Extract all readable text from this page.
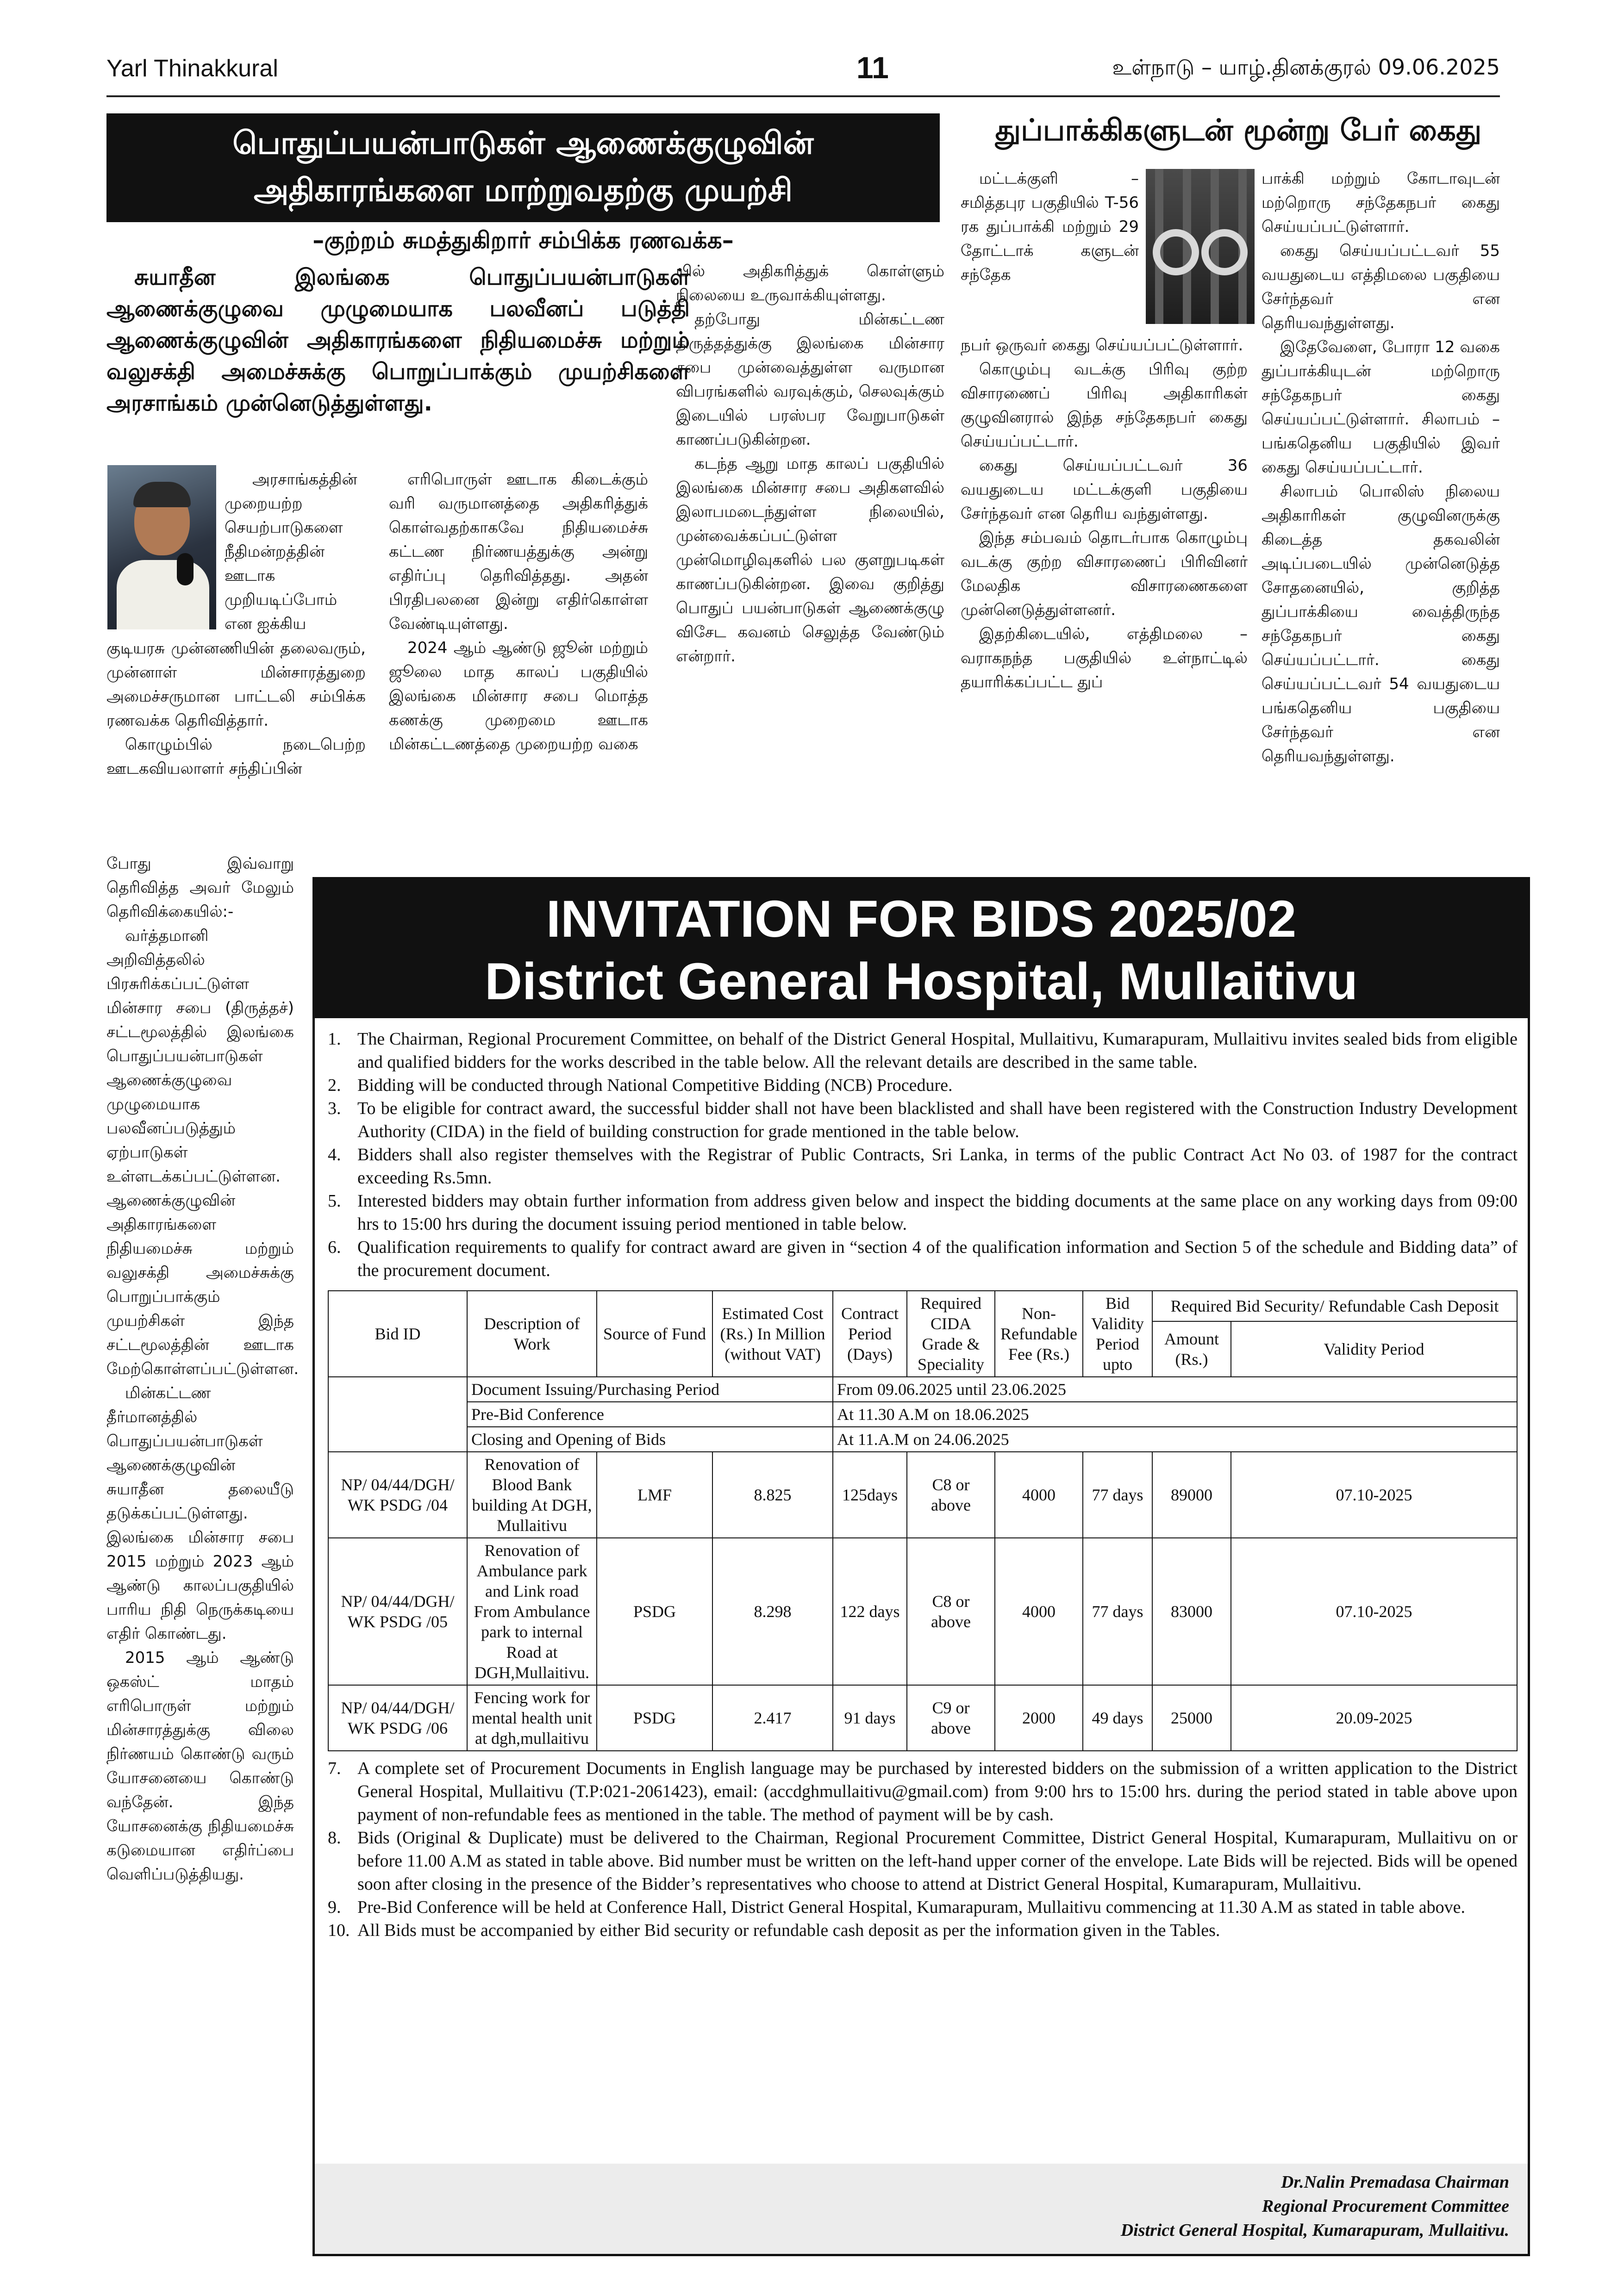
Yarl Thinakkural	11	உள்நாடு – யாழ்.தினக்குரல் 09.06.2025
பொதுப்பயன்பாடுகள் ஆணைக்குழுவின்
அதிகாரங்களை மாற்றுவதற்கு முயற்சி
–குற்றம் சுமத்துகிறார் சம்பிக்க ரணவக்க–
சுயாதீன இலங்கை பொதுப்பயன்பாடுகள் ஆணைக்குழுவை முழுமையாக பலவீனப் படுத்தி ஆணைக்குழுவின் அதிகாரங்களை நிதியமைச்சு மற்றும் வலுசக்தி அமைச்சுக்கு பொறுப்பாக்கும் முயற்சிகளை அரசாங்கம் முன்னெடுத்துள்ளது.

அரசாங்கத்தின் முறையற்ற செயற்பாடுகளை நீதிமன்றத்தின் ஊடாக முறியடிப்போம் என ஐக்கிய

குடியரசு முன்னணியின் தலைவரும், முன்னாள் மின்சாரத்துறை அமைச்சருமான பாட்டலி சம்பிக்க ரணவக்க தெரிவித்தார்.

கொழும்பில் நடைபெற்ற ஊடகவியலாளர் சந்திப்பின்

போது இவ்வாறு தெரிவித்த அவர் மேலும் தெரிவிக்கையில்:-

வர்த்தமானி அறிவித்தலில் பிரசுரிக்கப்பட்டுள்ள மின்சார சபை (திருத்தச்) சட்டமூலத்தில் இலங்கை பொதுப்பயன்பாடுகள் ஆணைக்குழுவை முழுமையாக பலவீனப்படுத்தும் ஏற்பாடுகள் உள்ளடக்கப்பட்டுள்ளன. ஆணைக்குழுவின் அதிகாரங்களை நிதியமைச்சு மற்றும் வலுசக்தி அமைச்சுக்கு பொறுப்பாக்கும் முயற்சிகள் இந்த சட்டமூலத்தின் ஊடாக மேற்கொள்ளப்பட்டுள்ளன.

மின்கட்டண தீர்மானத்தில் பொதுப்பயன்பாடுகள் ஆணைக்குழுவின் சுயாதீன தலையீடு தடுக்கப்பட்டுள்ளது. இலங்கை மின்சார சபை 2015 மற்றும் 2023 ஆம் ஆண்டு காலப்பகுதியில் பாரிய நிதி நெருக்கடியை எதிர் கொண்டது.

2015 ஆம் ஆண்டு ஒகஸ்ட் மாதம் எரிபொருள் மற்றும் மின்சாரத்துக்கு விலை நிர்ணயம் கொண்டு வரும் யோசனையை கொண்டு வந்தேன். இந்த யோசனைக்கு நிதியமைச்சு கடுமையான எதிர்ப்பை வெளிப்படுத்தியது.

எரிபொருள் ஊடாக கிடைக்கும் வரி வருமானத்தை அதிகரித்துக் கொள்வதற்காகவே நிதியமைச்சு கட்டண நிர்ணயத்துக்கு அன்று எதிர்ப்பு தெரிவித்தது. அதன் பிரதிபலனை இன்று எதிர்கொள்ள வேண்டியுள்ளது.

2024 ஆம் ஆண்டு ஜூன் மற்றும் ஜூலை மாத காலப் பகுதியில் இலங்கை மின்சார சபை மொத்த கணக்கு முறைமை ஊடாக மின்கட்டணத்தை முறையற்ற வகை

யில் அதிகரித்துக் கொள்ளும் நிலையை உருவாக்கியுள்ளது.

தற்போது மின்கட்டண திருத்தத்துக்கு இலங்கை மின்சார சபை முன்வைத்துள்ள வருமான விபரங்களில் வரவுக்கும், செலவுக்கும் இடையில் பரஸ்பர வேறுபாடுகள் காணப்படுகின்றன.

கடந்த ஆறு மாத காலப் பகுதியில் இலங்கை மின்சார சபை அதிகளவில் இலாபமடைந்துள்ள நிலையில், முன்வைக்கப்பட்டுள்ள முன்மொழிவுகளில் பல குளறுபடிகள் காணப்படுகின்றன. இவை குறித்து பொதுப் பயன்பாடுகள் ஆணைக்குழு விசேட கவனம் செலுத்த வேண்டும் என்றார்.

துப்பாக்கிகளுடன் மூன்று பேர் கைது

மட்டக்குளி – சமித்தபுர பகுதியில் T-56 ரக துப்பாக்கி மற்றும் 29 தோட்டாக் களுடன் சந்தேக

நபர் ஒருவர் கைது செய்யப்பட்டுள்ளார்.

கொழும்பு வடக்கு பிரிவு குற்ற விசாரணைப் பிரிவு அதிகாரிகள் குழுவினரால் இந்த சந்தேகநபர் கைது செய்யப்பட்டார்.

கைது செய்யப்பட்டவர் 36 வயதுடைய மட்டக்குளி பகுதியை சேர்ந்தவர் என தெரிய வந்துள்ளது.

இந்த சம்பவம் தொடர்பாக கொழும்பு வடக்கு குற்ற விசாரணைப் பிரிவினர் மேலதிக விசாரணைகளை முன்னெடுத்துள்ளனர்.

இதற்கிடையில், எத்திமலை – வராகநந்த பகுதியில் உள்நாட்டில் தயாரிக்கப்பட்ட துப்

பாக்கி மற்றும் கோடாவுடன் மற்றொரு சந்தேகநபர் கைது செய்யப்பட்டுள்ளார்.

கைது செய்யப்பட்டவர் 55 வயதுடைய எத்திமலை பகுதியை சேர்ந்தவர் என தெரியவந்துள்ளது.

இதேவேளை, போரா 12 வகை துப்பாக்கியுடன் மற்றொரு சந்தேகநபர் கைது செய்யப்பட்டுள்ளார். சிலாபம் – பங்கதெனிய பகுதியில் இவர் கைது செய்யப்பட்டார்.

சிலாபம் பொலிஸ் நிலைய அதிகாரிகள் குழுவினருக்கு கிடைத்த தகவலின் அடிப்படையில் முன்னெடுத்த சோதனையில், குறித்த துப்பாக்கியை வைத்திருந்த சந்தேகநபர் கைது செய்யப்பட்டார். கைது செய்யப்பட்டவர் 54 வயதுடைய பங்கதெனிய பகுதியை சேர்ந்தவர் என தெரியவந்துள்ளது.

INVITATION FOR BIDS 2025/02
District General Hospital, Mullaitivu
1. The Chairman, Regional Procurement Committee, on behalf of the District General Hospital, Mullaitivu, Kumarapuram, Mullaitivu invites sealed bids from eligible and qualified bidders for the works described in the table below. All the relevant details are described in the same table.
2. Bidding will be conducted through National Competitive Bidding (NCB) Procedure.
3. To be eligible for contract award, the successful bidder shall not have been blacklisted and shall have been registered with the Construction Industry Development Authority (CIDA) in the field of building construction for grade mentioned in the table below.
4. Bidders shall also register themselves with the Registrar of Public Contracts, Sri Lanka, in terms of the public Contract Act No 03. of 1987 for the contract exceeding Rs.5mn.
5. Interested bidders may obtain further information from address given below and inspect the bidding documents at the same place on any working days from 09:00 hrs to 15:00 hrs during the document issuing period mentioned in table below.
6. Qualification requirements to qualify for contract award are given in “section 4 of the qualification information and Section 5 of the schedule and Bidding data” of the procurement document.
	Document Issuing/Purchasing Period			From 09.06.2025 until 23.06.2025					
	Pre-Bid Conference			At 11.30 A.M on 18.06.2025					
	Closing and Opening of Bids			At 11.A.M on 24.06.2025					
Bid ID	Description of Work	Source of Fund	Estimated Cost (Rs.) In Million (without VAT)	Contract Period (Days)	Required CIDA Grade & Speciality	Non-Refundable Fee (Rs.)	Bid Validity Period upto	Required Bid Security/ Refundable Cash Deposit	
								Amount (Rs.)	Validity Period
NP/ 04/44/DGH/ WK PSDG /04	Renovation of Blood Bank building At DGH, Mullaitivu	LMF	8.825	125days	C8 or above	4000	77 days	89000	07.10-2025
NP/ 04/44/DGH/ WK PSDG /05	Renovation of Ambulance park and Link road From Ambulance park to internal Road at DGH,Mullaitivu.	PSDG	8.298	122 days	C8 or above	4000	77 days	83000	07.10-2025
NP/ 04/44/DGH/ WK PSDG /06	Fencing work for mental health unit at dgh,mullaitivu	PSDG	2.417	91 days	C9 or above	2000	49 days	25000	20.09-2025
7. A complete set of Procurement Documents in English language may be purchased by interested bidders on the submission of a written application to the District General Hospital, Mullaitivu (T.P:021-2061423), email: (accdghmullaitivu@gmail.com) from 9:00 hrs to 15:00 hrs. during the period stated in table above upon payment of non-refundable fees as mentioned in the table. The method of payment will be by cash.
8. Bids (Original & Duplicate) must be delivered to the Chairman, Regional Procurement Committee, District General Hospital, Kumarapuram, Mullaitivu on or before 11.00 A.M as stated in table above. Bid number must be written on the left-hand upper corner of the envelope. Late Bids will be rejected. Bids will be opened soon after closing in the presence of the Bidder’s representatives who choose to attend at District General Hospital, Kumarapuram, Mullaitivu.
9. Pre-Bid Conference will be held at Conference Hall, District General Hospital, Kumarapuram, Mullaitivu commencing at 11.30 A.M as stated in table above.
10. All Bids must be accompanied by either Bid security or refundable cash deposit as per the information given in the Tables.
Dr.Nalin Premadasa Chairman
Regional Procurement Committee
District General Hospital, Kumarapuram, Mullaitivu.
